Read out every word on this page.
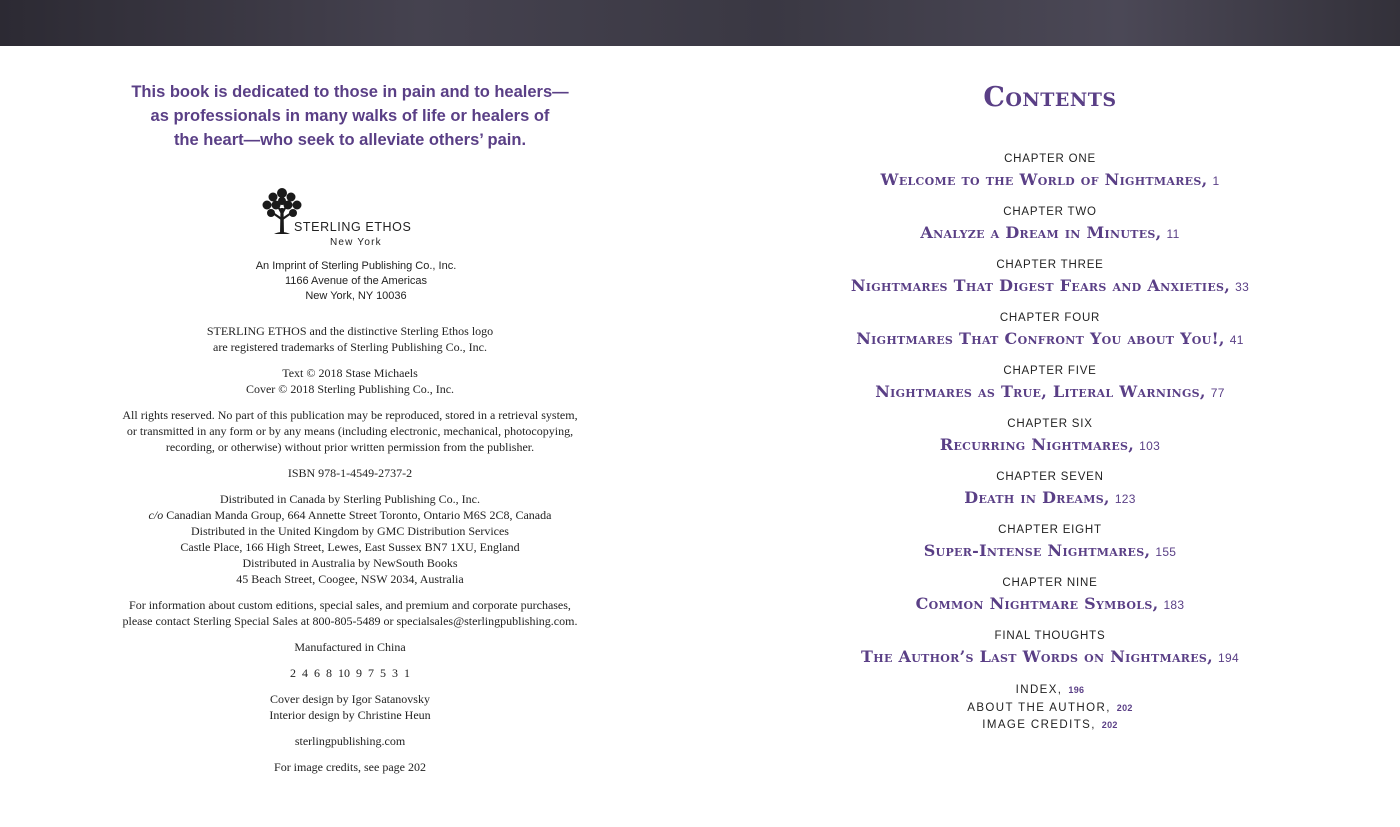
This book is dedicated to those in pain and to healers—
as professionals in many walks of life or healers of
the heart—who seek to alleviate others’ pain.
STERLING ETHOS
New York
An Imprint of Sterling Publishing Co., Inc.
1166 Avenue of the Americas
New York, NY 10036
STERLING ETHOS and the distinctive Sterling Ethos logo
are registered trademarks of Sterling Publishing Co., Inc.
Text © 2018 Stase Michaels
Cover © 2018 Sterling Publishing Co., Inc.
All rights reserved. No part of this publication may be reproduced, stored in a retrieval system,
or transmitted in any form or by any means (including electronic, mechanical, photocopying,
recording, or otherwise) without prior written permission from the publisher.
ISBN 978-1-4549-2737-2
Distributed in Canada by Sterling Publishing Co., Inc.
c/o Canadian Manda Group, 664 Annette Street Toronto, Ontario M6S 2C8, Canada
Distributed in the United Kingdom by GMC Distribution Services
Castle Place, 166 High Street, Lewes, East Sussex BN7 1XU, England
Distributed in Australia by NewSouth Books
45 Beach Street, Coogee, NSW 2034, Australia
For information about custom editions, special sales, and premium and corporate purchases,
please contact Sterling Special Sales at 800-805-5489 or specialsales@sterlingpublishing.com.
Manufactured in China
2  4  6  8  10  9  7  5  3  1
Cover design by Igor Satanovsky
Interior design by Christine Heun
sterlingpublishing.com
For image credits, see page 202
Contents
CHAPTER ONE
Welcome to the World of Nightmares, 1
CHAPTER TWO
Analyze a Dream in Minutes, 11
CHAPTER THREE
Nightmares That Digest Fears and Anxieties, 33
CHAPTER FOUR
Nightmares That Confront You about You!, 41
CHAPTER FIVE
Nightmares as True, Literal Warnings, 77
CHAPTER SIX
Recurring Nightmares, 103
CHAPTER SEVEN
Death in Dreams, 123
CHAPTER EIGHT
Super-Intense Nightmares, 155
CHAPTER NINE
Common Nightmare Symbols, 183
FINAL THOUGHTS
The Author’s Last Words on Nightmares, 194
INDEX, 196
ABOUT THE AUTHOR, 202
IMAGE CREDITS, 202
